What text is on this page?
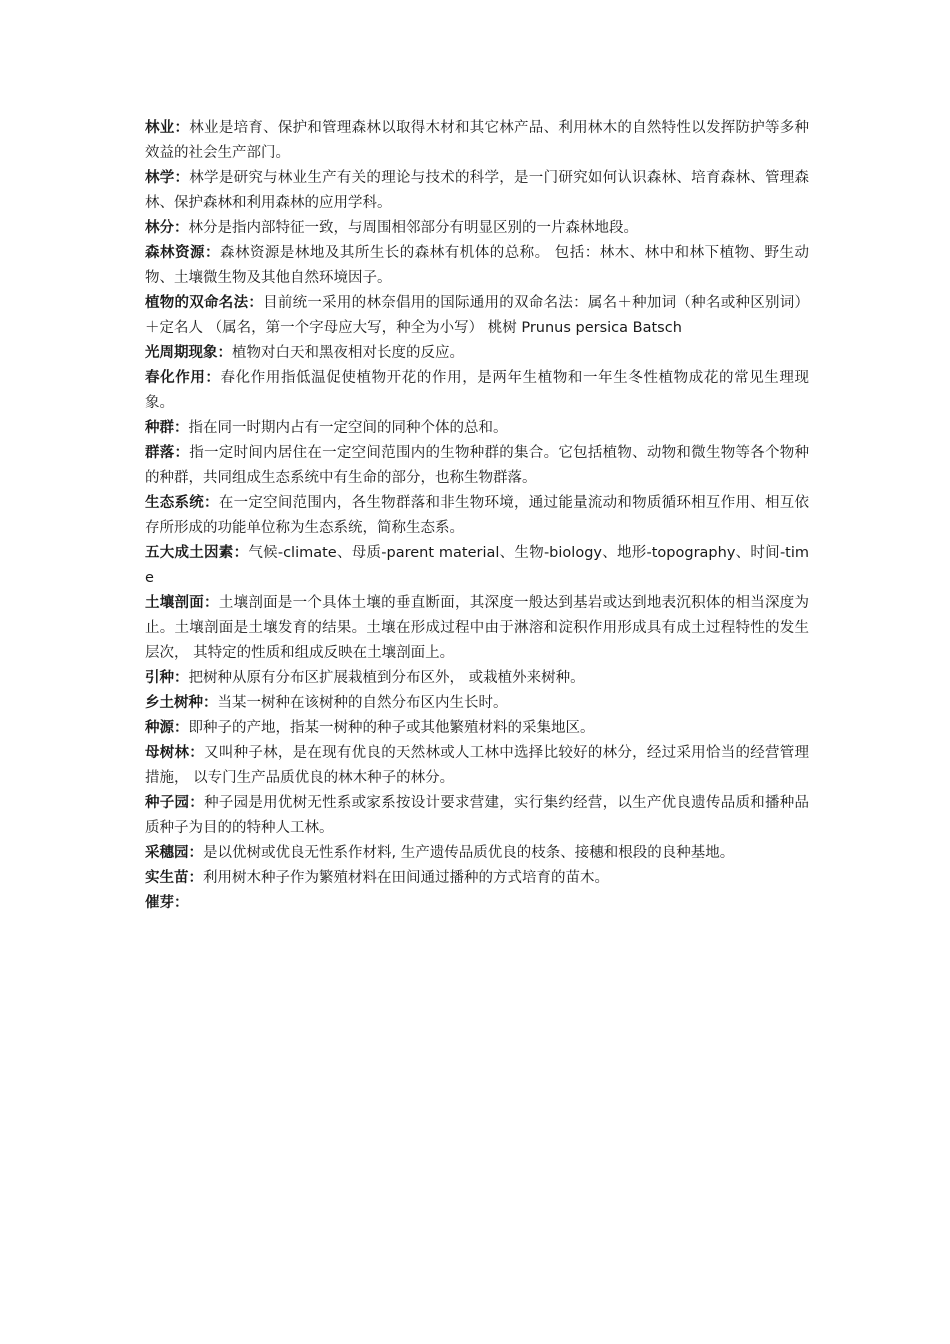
林业：林业是培育、保护和管理森林以取得木材和其它林产品、利用林木的自然特性以发挥防护等多种效益的社会生产部门。

林学：林学是研究与林业生产有关的理论与技术的科学，是一门研究如何认识森林、培育森林、管理森林、保护森林和利用森林的应用学科。

林分：林分是指内部特征一致，与周围相邻部分有明显区别的一片森林地段。

森林资源：森林资源是林地及其所生长的森林有机体的总称。 包括：林木、林中和林下植物、野生动物、土壤微生物及其他自然环境因子。

植物的双命名法：目前统一采用的林奈倡用的国际通用的双命名法：属名＋种加词（种名或种区别词）＋定名人 （属名，第一个字母应大写，种全为小写） 桃树 Prunus persica Batsch

光周期现象：植物对白天和黑夜相对长度的反应。

春化作用：春化作用指低温促使植物开花的作用，是两年生植物和一年生冬性植物成花的常见生理现象。

种群：指在同一时期内占有一定空间的同种个体的总和。

群落：指一定时间内居住在一定空间范围内的生物种群的集合。它包括植物、动物和微生物等各个物种的种群，共同组成生态系统中有生命的部分，也称生物群落。

生态系统：在一定空间范围内，各生物群落和非生物环境，通过能量流动和物质循环相互作用、相互依存所形成的功能单位称为生态系统，简称生态系。

五大成土因素：气候-climate、母质-parent material、生物-biology、地形-topography、时间-time

土壤剖面：土壤剖面是一个具体土壤的垂直断面，其深度一般达到基岩或达到地表沉积体的相当深度为止。土壤剖面是土壤发育的结果。土壤在形成过程中由于淋溶和淀积作用形成具有成土过程特性的发生层次， 其特定的性质和组成反映在土壤剖面上。

引种：把树种从原有分布区扩展栽植到分布区外， 或栽植外来树种。

乡土树种：当某一树种在该树种的自然分布区内生长时。

种源：即种子的产地，指某一树种的种子或其他繁殖材料的采集地区。

母树林：又叫种子林，是在现有优良的天然林或人工林中选择比较好的林分，经过采用恰当的经营管理措施， 以专门生产品质优良的林木种子的林分。

种子园：种子园是用优树无性系或家系按设计要求营建，实行集约经营，以生产优良遗传品质和播种品质种子为目的的特种人工林。

采穗园：是以优树或优良无性系作材料, 生产遗传品质优良的枝条、接穗和根段的良种基地。

实生苗：利用树木种子作为繁殖材料在田间通过播种的方式培育的苗木。

催芽：
